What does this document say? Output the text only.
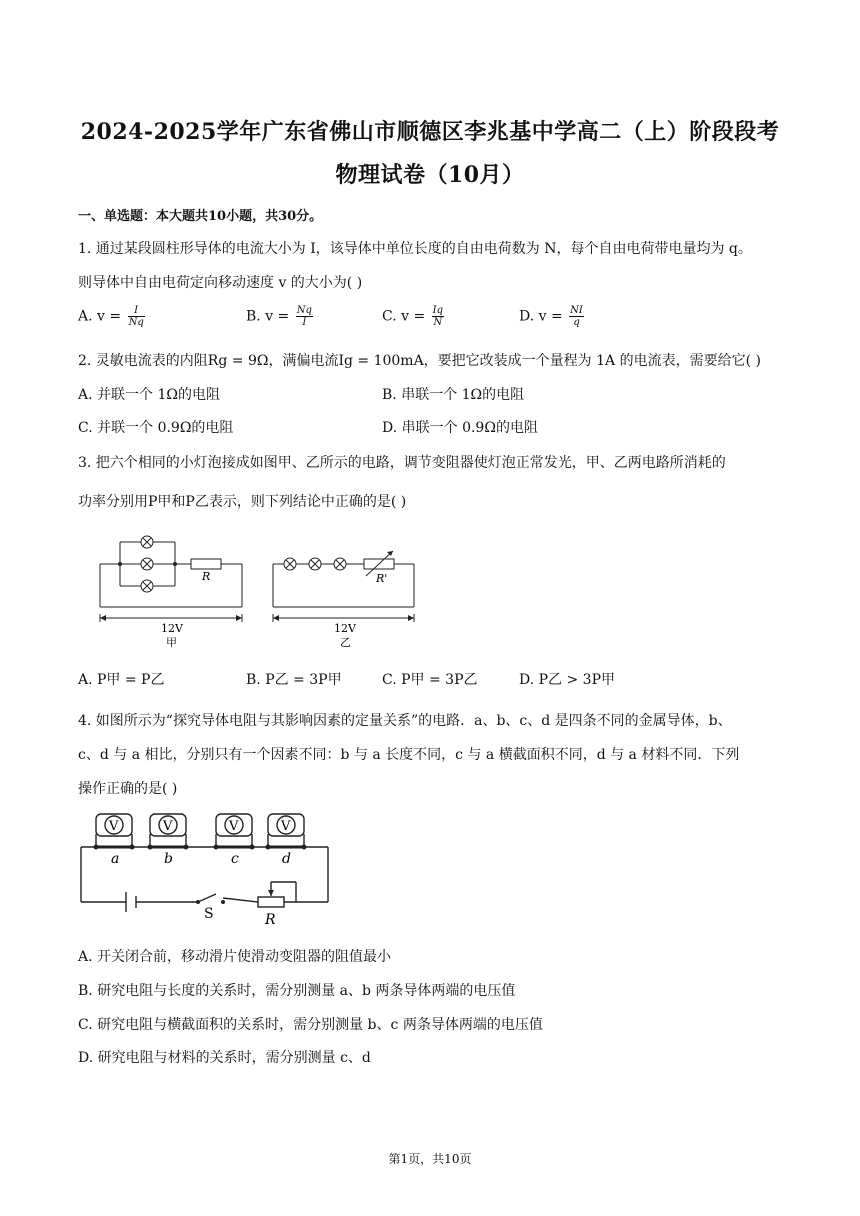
2024-2025学年广东省佛山市顺德区李兆基中学高二（上）阶段段考
物理试卷（10月）
一、单选题：本大题共10小题，共30分。
1. 通过某段圆柱形导体的电流大小为 I，该导体中单位长度的自由电荷数为 N，每个自由电荷带电量均为 q。
则导体中自由电荷定向移动速度 v 的大小为( )
A. $v = \frac{I}{Nq}$	B. $v = \frac{Nq}{I}$	C. $v = \frac{Iq}{N}$	D. $v = \frac{NI}{q}$
2. 灵敏电流表的内阻Rg = 9Ω，满偏电流Ig = 100mA，要把它改装成一个量程为 1A 的电流表，需要给它( )
A. 并联一个 1Ω的电阻	B. 串联一个 1Ω的电阻
C. 并联一个 0.9Ω的电阻	D. 串联一个 0.9Ω的电阻
3. 把六个相同的小灯泡接成如图甲、乙所示的电路，调节变阻器使灯泡正常发光，甲、乙两电路所消耗的
功率分别用P甲和P乙表示，则下列结论中正确的是( )
R
12V
甲
R'
12V
乙
A. P甲 = P乙	B. P乙 = 3P甲	C. P甲 = 3P乙	D. P乙 > 3P甲
4. 如图所示为“探究导体电阻与其影响因素的定量关系”的电路．a、b、c、d 是四条不同的金属导体，b、
c、d 与 a 相比，分别只有一个因素不同：b 与 a 长度不同，c 与 a 横截面积不同，d 与 a 材料不同．下列
操作正确的是( )
V	V	V	V
a	b	c	d
S	R
A. 开关闭合前，移动滑片使滑动变阻器的阻值最小
B. 研究电阻与长度的关系时，需分别测量 a、b 两条导体两端的电压值
C. 研究电阻与横截面积的关系时，需分别测量 b、c 两条导体两端的电压值
D. 研究电阻与材料的关系时，需分别测量 c、d
第1页，共10页
